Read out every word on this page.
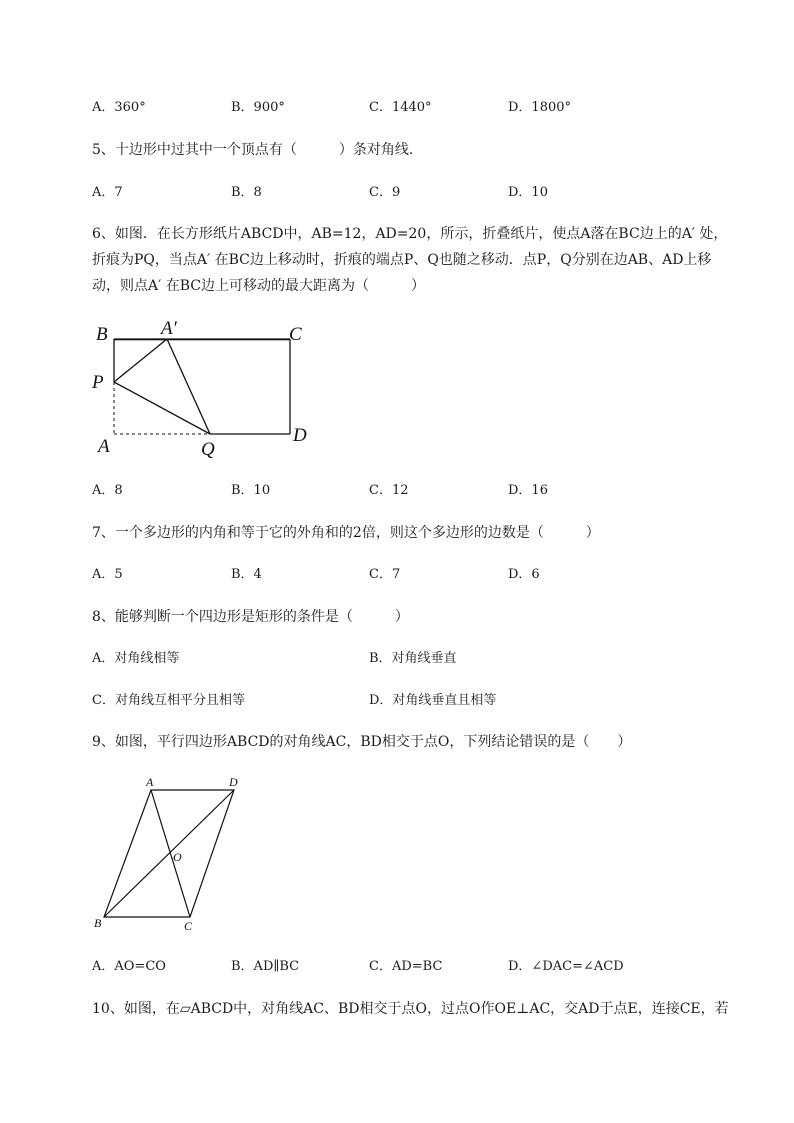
A．360°	B．900°	C．1440°	D．1800°
5、十边形中过其中一个顶点有（　　　）条对角线．
A．7	B．8	C．9	D．10
6、如图．在长方形纸片ABCD中，AB=12，AD=20，所示，折叠纸片，使点A落在BC边上的A′ 处，
折痕为PQ，当点A′ 在BC边上移动时，折痕的端点P、Q也随之移动．点P，Q分别在边AB、AD上移
动，则点A′ 在BC边上可移动的最大距离为（　　　）
B	A′	C
P
A	Q
D
A．8	B．10	C．12	D．16
7、一个多边形的内角和等于它的外角和的2倍，则这个多边形的边数是（　　　）
A．5	B．4	C．7	D．6
8、能够判断一个四边形是矩形的条件是（　　　）
A．对角线相等	B．对角线垂直
C．对角线互相平分且相等	D．对角线垂直且相等
9、如图，平行四边形ABCD的对角线AC，BD相交于点O，下列结论错误的是（　　）
A	D
O
B	C
A．AO=CO	B．AD∥BC	C．AD=BC	D．∠DAC=∠ACD
10、如图，在▱ABCD中，对角线AC、BD相交于点O，过点O作OE⊥AC，交AD于点E，连接CE，若
